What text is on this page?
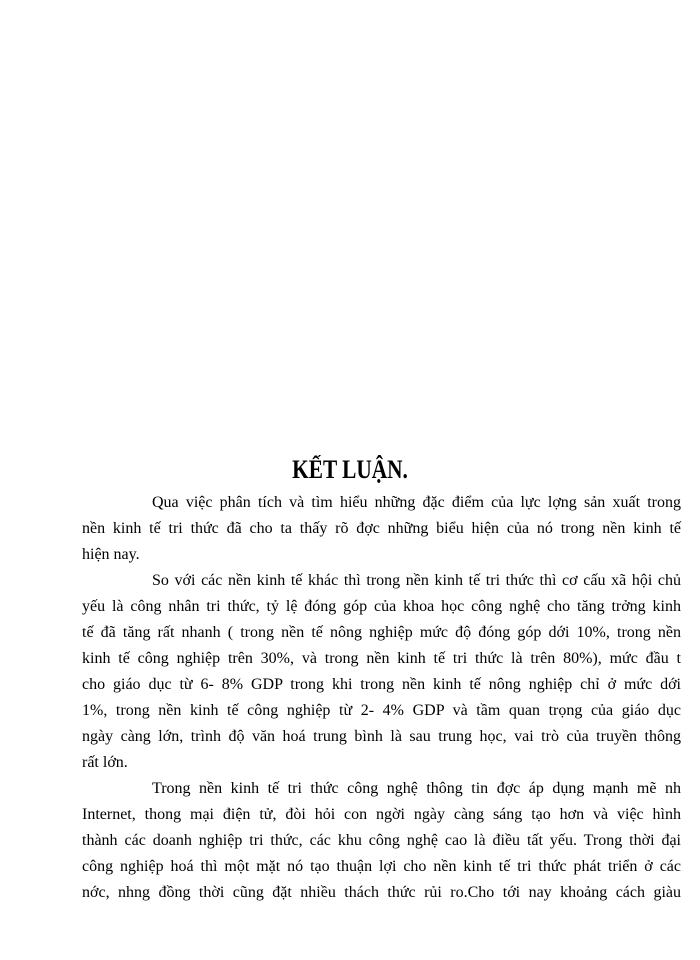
KẾT LUẬN.
Qua việc phân tích và tìm hiểu những đặc điểm của lực lợng sản xuất trong
nền kinh tế tri thức đã cho ta thấy rõ đợc những biểu hiện của nó trong nền kinh tế
hiện nay.
So với các nền kinh tế khác thì trong nền kinh tế tri thức thì cơ cấu xã hội chủ
yếu là công nhân tri thức, tỷ lệ đóng góp của khoa học công nghệ cho tăng trởng kinh
tế đã tăng rất nhanh ( trong nền tế nông nghiệp mức độ đóng góp dới 10%, trong nền
kinh tế công nghiệp trên 30%, và trong nền kinh tế tri thức là trên 80%), mức đầu t
cho giáo dục từ 6- 8% GDP trong khi trong nền kinh tế nông nghiệp chỉ ở mức dới
1%, trong nền kinh tế công nghiệp từ 2- 4% GDP và tầm quan trọng của giáo dục
ngày càng lớn, trình độ văn hoá trung bình là sau trung học, vai trò của truyền thông
rất lớn.
Trong nền kinh tế tri thức công nghệ thông tin đợc áp dụng mạnh mẽ nh
Internet, thong mại điện tử, đòi hỏi con ngời ngày càng sáng tạo hơn và việc hình
thành các doanh nghiệp tri thức, các khu công nghệ cao là điều tất yếu. Trong thời đại
công nghiệp hoá thì một mặt nó tạo thuận lợi cho nền kinh tế tri thức phát triển ở các
nớc, nhng đồng thời cũng đặt nhiều thách thức rủi ro.Cho tới nay khoảng cách giàu
